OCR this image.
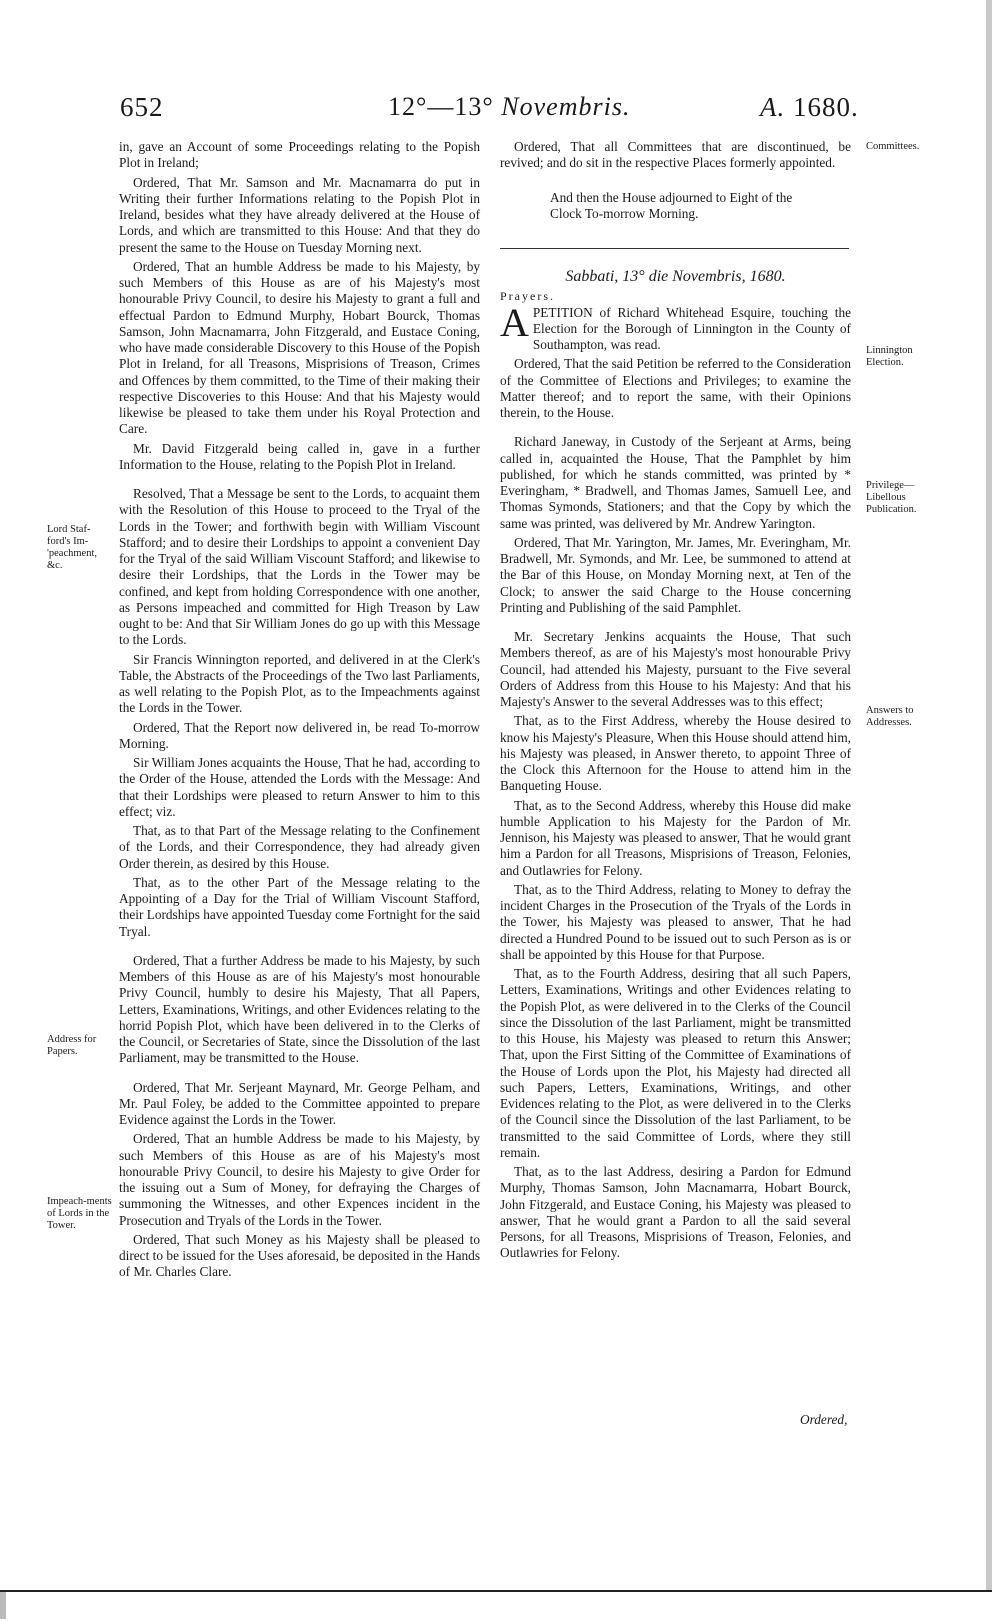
652	12°—13° Novembris.	A. 1680.
Lord Staf-ford's Im-'peachment, &c.
Address for Papers.
Impeach-ments of Lords in the Tower.
Committees.
Linnington Election.
Privilege—Libellous Publication.
Answers to Addresses.

in, gave an Account of some Proceedings relating to the Popish Plot in Ireland;

Ordered, That Mr. Samson and Mr. Macnamarra do put in Writing their further Informations relating to the Popish Plot in Ireland, besides what they have already delivered at the House of Lords, and which are transmitted to this House: And that they do present the same to the House on Tuesday Morning next.

Ordered, That an humble Address be made to his Majesty, by such Members of this House as are of his Majesty's most honourable Privy Council, to desire his Majesty to grant a full and effectual Pardon to Edmund Murphy, Hobart Bourck, Thomas Samson, John Macnamarra, John Fitzgerald, and Eustace Coning, who have made considerable Discovery to this House of the Popish Plot in Ireland, for all Treasons, Misprisions of Treason, Crimes and Offences by them committed, to the Time of their making their respective Discoveries to this House: And that his Majesty would likewise be pleased to take them under his Royal Protection and Care.

Mr. David Fitzgerald being called in, gave in a further Information to the House, relating to the Popish Plot in Ireland.

Resolved, That a Message be sent to the Lords, to acquaint them with the Resolution of this House to proceed to the Tryal of the Lords in the Tower; and forthwith begin with William Viscount Stafford; and to desire their Lordships to appoint a convenient Day for the Tryal of the said William Viscount Stafford; and likewise to desire their Lordships, that the Lords in the Tower may be confined, and kept from holding Correspondence with one another, as Persons impeached and committed for High Treason by Law ought to be: And that Sir William Jones do go up with this Message to the Lords.

Sir Francis Winnington reported, and delivered in at the Clerk's Table, the Abstracts of the Proceedings of the Two last Parliaments, as well relating to the Popish Plot, as to the Impeachments against the Lords in the Tower.

Ordered, That the Report now delivered in, be read To-morrow Morning.

Sir William Jones acquaints the House, That he had, according to the Order of the House, attended the Lords with the Message: And that their Lordships were pleased to return Answer to him to this effect; viz.

That, as to that Part of the Message relating to the Confinement of the Lords, and their Correspondence, they had already given Order therein, as desired by this House.

That, as to the other Part of the Message relating to the Appointing of a Day for the Trial of William Viscount Stafford, their Lordships have appointed Tuesday come Fortnight for the said Tryal.

Ordered, That a further Address be made to his Majesty, by such Members of this House as are of his Majesty's most honourable Privy Council, humbly to desire his Majesty, That all Papers, Letters, Examinations, Writings, and other Evidences relating to the horrid Popish Plot, which have been delivered in to the Clerks of the Council, or Secretaries of State, since the Dissolution of the last Parliament, may be transmitted to the House.

Ordered, That Mr. Serjeant Maynard, Mr. George Pelham, and Mr. Paul Foley, be added to the Committee appointed to prepare Evidence against the Lords in the Tower.

Ordered, That an humble Address be made to his Majesty, by such Members of this House as are of his Majesty's most honourable Privy Council, to desire his Majesty to give Order for the issuing out a Sum of Money, for defraying the Charges of summoning the Witnesses, and other Expences incident in the Prosecution and Tryals of the Lords in the Tower.

Ordered, That such Money as his Majesty shall be pleased to direct to be issued for the Uses aforesaid, be deposited in the Hands of Mr. Charles Clare.

Ordered, That all Committees that are discontinued, be revived; and do sit in the respective Places formerly appointed.

And then the House adjourned to Eight of the Clock To-morrow Morning.

Sabbati, 13° die Novembris, 1680.

Prayers.

APETITION of Richard Whitehead Esquire, touching the Election for the Borough of Linnington in the County of Southampton, was read.

Ordered, That the said Petition be referred to the Consideration of the Committee of Elections and Privileges; to examine the Matter thereof; and to report the same, with their Opinions therein, to the House.

Richard Janeway, in Custody of the Serjeant at Arms, being called in, acquainted the House, That the Pamphlet by him published, for which he stands committed, was printed by * Everingham, * Bradwell, and Thomas James, Samuell Lee, and Thomas Symonds, Stationers; and that the Copy by which the same was printed, was delivered by Mr. Andrew Yarington.

Ordered, That Mr. Yarington, Mr. James, Mr. Everingham, Mr. Bradwell, Mr. Symonds, and Mr. Lee, be summoned to attend at the Bar of this House, on Monday Morning next, at Ten of the Clock; to answer the said Charge to the House concerning Printing and Publishing of the said Pamphlet.

Mr. Secretary Jenkins acquaints the House, That such Members thereof, as are of his Majesty's most honourable Privy Council, had attended his Majesty, pursuant to the Five several Orders of Address from this House to his Majesty: And that his Majesty's Answer to the several Addresses was to this effect;

That, as to the First Address, whereby the House desired to know his Majesty's Pleasure, When this House should attend him, his Majesty was pleased, in Answer thereto, to appoint Three of the Clock this Afternoon for the House to attend him in the Banqueting House.

That, as to the Second Address, whereby this House did make humble Application to his Majesty for the Pardon of Mr. Jennison, his Majesty was pleased to answer, That he would grant him a Pardon for all Treasons, Misprisions of Treason, Felonies, and Outlawries for Felony.

That, as to the Third Address, relating to Money to defray the incident Charges in the Prosecution of the Tryals of the Lords in the Tower, his Majesty was pleased to answer, That he had directed a Hundred Pound to be issued out to such Person as is or shall be appointed by this House for that Purpose.

That, as to the Fourth Address, desiring that all such Papers, Letters, Examinations, Writings and other Evidences relating to the Popish Plot, as were delivered in to the Clerks of the Council since the Dissolution of the last Parliament, might be transmitted to this House, his Majesty was pleased to return this Answer; That, upon the First Sitting of the Committee of Examinations of the House of Lords upon the Plot, his Majesty had directed all such Papers, Letters, Examinations, Writings, and other Evidences relating to the Plot, as were delivered in to the Clerks of the Council since the Dissolution of the last Parliament, to be transmitted to the said Committee of Lords, where they still remain.

That, as to the last Address, desiring a Pardon for Edmund Murphy, Thomas Samson, John Macnamarra, Hobart Bourck, John Fitzgerald, and Eustace Coning, his Majesty was pleased to answer, That he would grant a Pardon to all the said several Persons, for all Treasons, Misprisions of Treason, Felonies, and Outlawries for Felony.

Ordered,
